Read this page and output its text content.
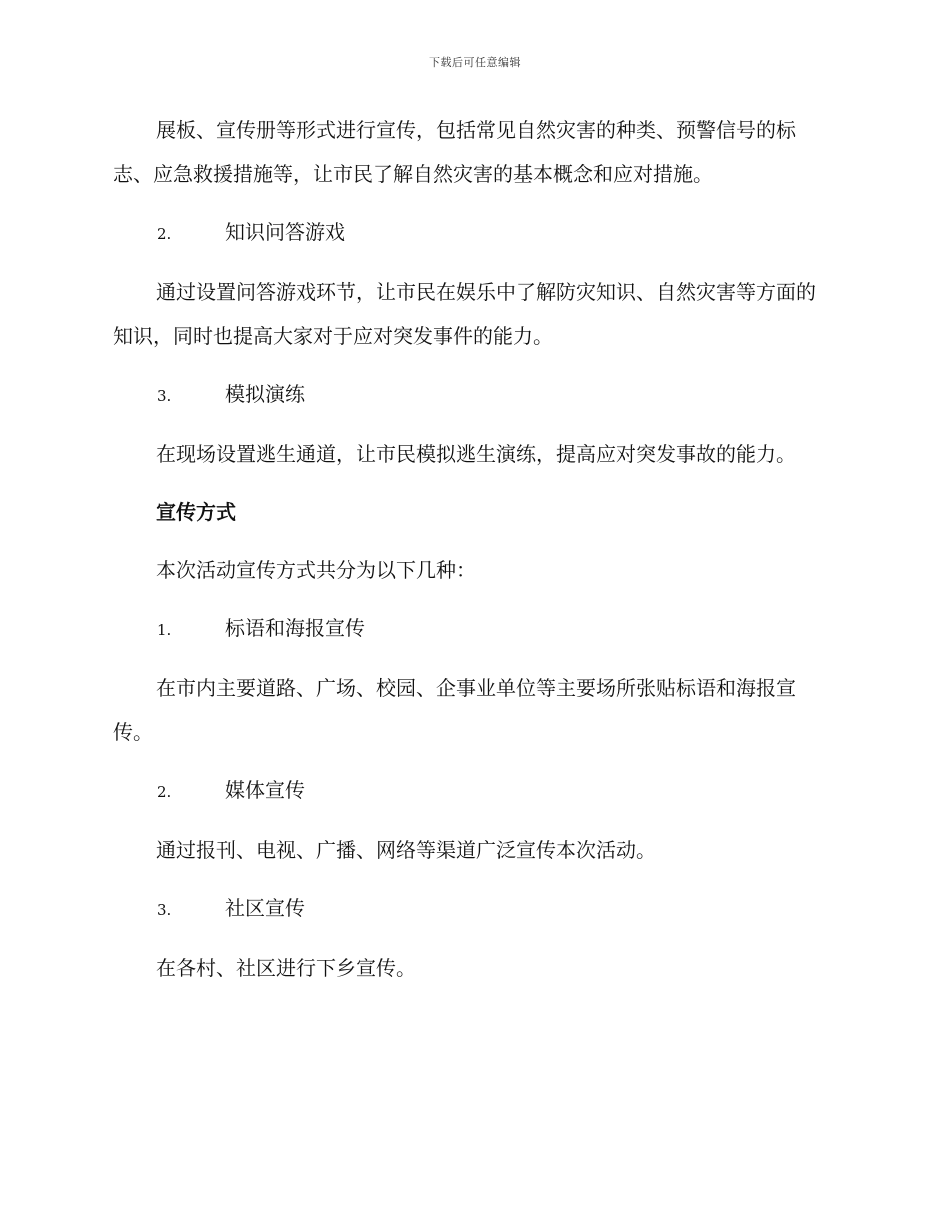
下载后可任意编辑

展板、宣传册等形式进行宣传，包括常见自然灾害的种类、预警信号的标志、应急救援措施等，让市民了解自然灾害的基本概念和应对措施。

2.	知识问答游戏

通过设置问答游戏环节，让市民在娱乐中了解防灾知识、自然灾害等方面的知识，同时也提高大家对于应对突发事件的能力。

3.	模拟演练

在现场设置逃生通道，让市民模拟逃生演练，提高应对突发事故的能力。

宣传方式

本次活动宣传方式共分为以下几种：

1.	标语和海报宣传

在市内主要道路、广场、校园、企事业单位等主要场所张贴标语和海报宣传。

2.	媒体宣传

通过报刊、电视、广播、网络等渠道广泛宣传本次活动。

3.	社区宣传

在各村、社区进行下乡宣传。
